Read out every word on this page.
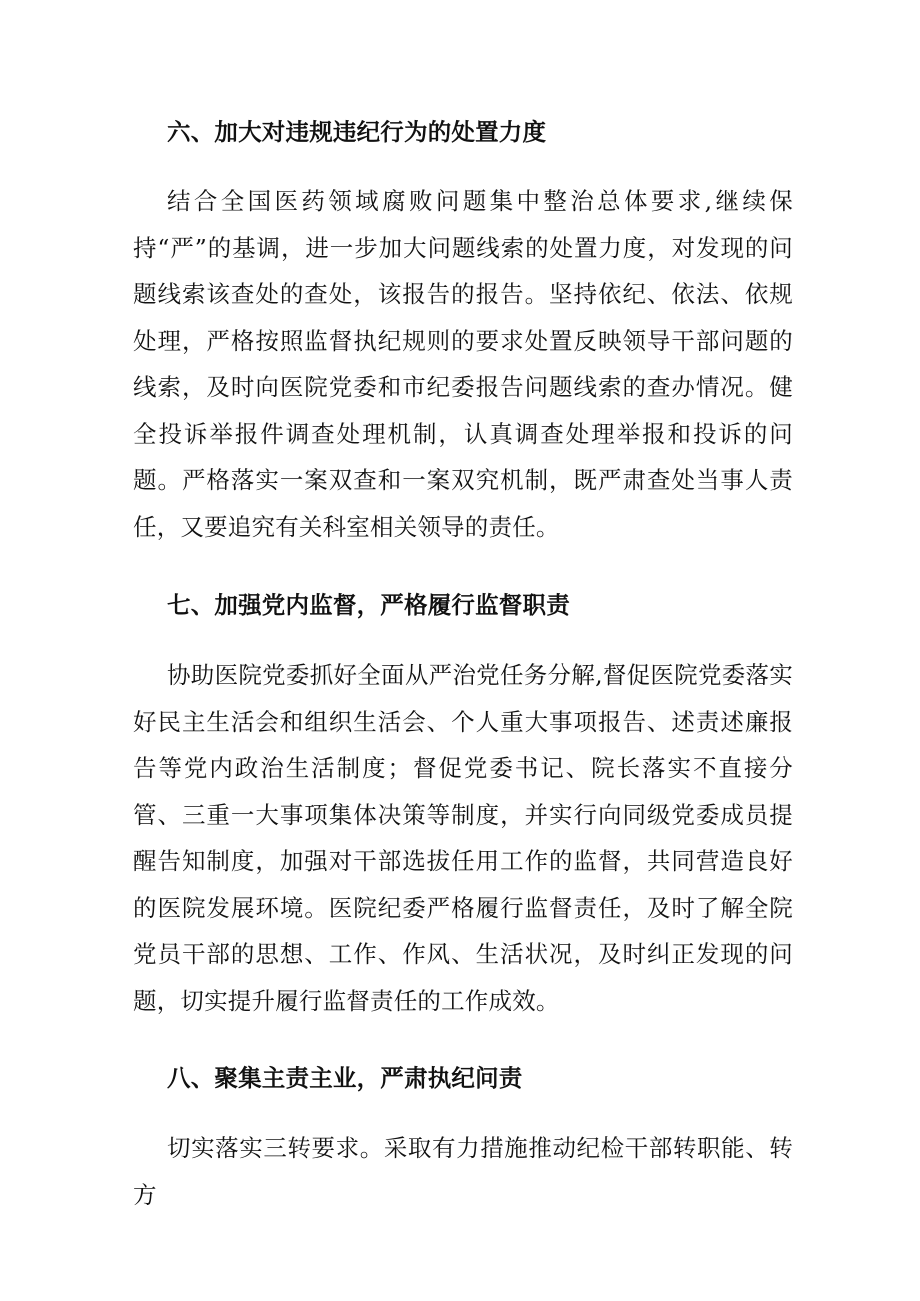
六、加大对违规违纪行为的处置力度

结合全国医药领域腐败问题集中整治总体要求,继续保持“严”的基调，进一步加大问题线索的处置力度，对发现的问题线索该查处的查处，该报告的报告。坚持依纪、依法、依规处理，严格按照监督执纪规则的要求处置反映领导干部问题的线索，及时向医院党委和市纪委报告问题线索的查办情况。健全投诉举报件调查处理机制，认真调查处理举报和投诉的问题。严格落实一案双查和一案双究机制，既严肃查处当事人责任，又要追究有关科室相关领导的责任。

七、加强党内监督，严格履行监督职责

协助医院党委抓好全面从严治党任务分解,督促医院党委落实好民主生活会和组织生活会、个人重大事项报告、述责述廉报告等党内政治生活制度；督促党委书记、院长落实不直接分管、三重一大事项集体决策等制度，并实行向同级党委成员提醒告知制度，加强对干部选拔任用工作的监督，共同营造良好的医院发展环境。医院纪委严格履行监督责任，及时了解全院党员干部的思想、工作、作风、生活状况，及时纠正发现的问题，切实提升履行监督责任的工作成效。

八、聚集主责主业，严肃执纪问责

切实落实三转要求。采取有力措施推动纪检干部转职能、转方
